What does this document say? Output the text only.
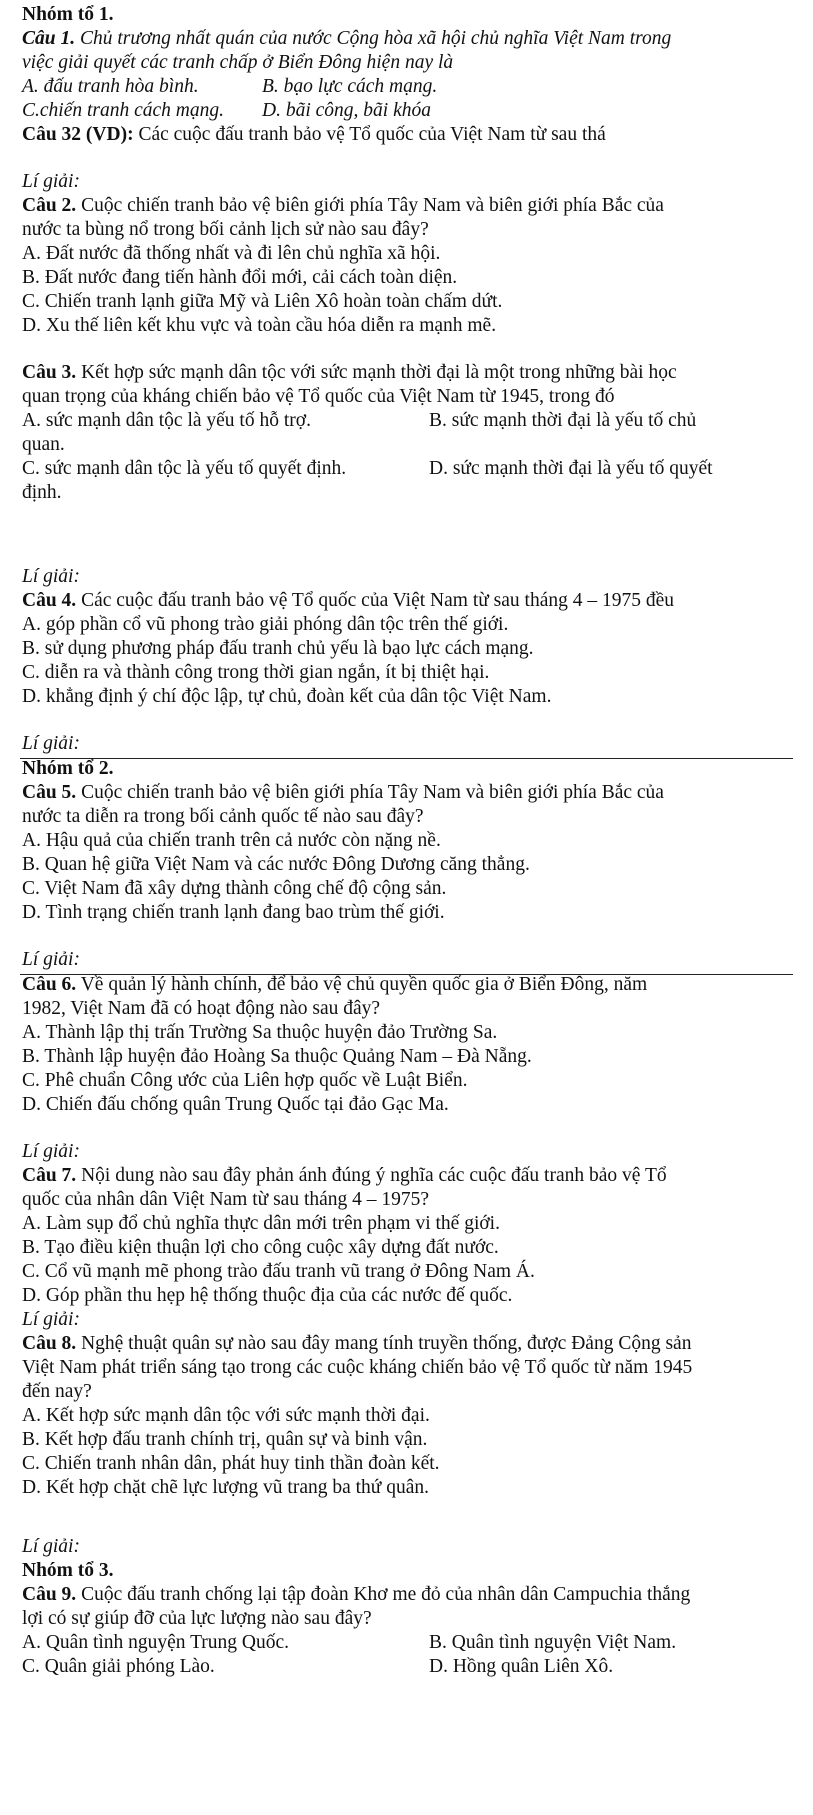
Nhóm tổ 1.
Câu 1. Chủ trương nhất quán của nước Cộng hòa xã hội chủ nghĩa Việt Nam trong
việc giải quyết các tranh chấp ở Biển Đông hiện nay là
A. đấu tranh hòa bình.	B. bạo lực cách mạng.
C.chiến tranh cách mạng. D. bãi công, bãi khóa
Câu 32 (VD): Các cuộc đấu tranh bảo vệ Tổ quốc của Việt Nam từ sau thá
Lí giải:
Câu 2. Cuộc chiến tranh bảo vệ biên giới phía Tây Nam và biên giới phía Bắc của
nước ta bùng nổ trong bối cảnh lịch sử nào sau đây?
A. Đất nước đã thống nhất và đi lên chủ nghĩa xã hội.
B. Đất nước đang tiến hành đổi mới, cải cách toàn diện.
C. Chiến tranh lạnh giữa Mỹ và Liên Xô hoàn toàn chấm dứt.
D. Xu thế liên kết khu vực và toàn cầu hóa diễn ra mạnh mẽ.
Câu 3. Kết hợp sức mạnh dân tộc với sức mạnh thời đại là một trong những bài học
quan trọng của kháng chiến bảo vệ Tổ quốc của Việt Nam từ 1945, trong đó
A. sức mạnh dân tộc là yếu tố hỗ trợ.	B. sức mạnh thời đại là yếu tố chủ
quan.
C. sức mạnh dân tộc là yếu tố quyết định.	D. sức mạnh thời đại là yếu tố quyết
định.
Lí giải:
Câu 4. Các cuộc đấu tranh bảo vệ Tổ quốc của Việt Nam từ sau tháng 4 – 1975 đều
A. góp phần cổ vũ phong trào giải phóng dân tộc trên thế giới.
B. sử dụng phương pháp đấu tranh chủ yếu là bạo lực cách mạng.
C. diễn ra và thành công trong thời gian ngắn, ít bị thiệt hại.
D. khẳng định ý chí độc lập, tự chủ, đoàn kết của dân tộc Việt Nam.
Lí giải:
Nhóm tổ 2.
Câu 5. Cuộc chiến tranh bảo vệ biên giới phía Tây Nam và biên giới phía Bắc của
nước ta diễn ra trong bối cảnh quốc tế nào sau đây?
A. Hậu quả của chiến tranh trên cả nước còn nặng nề.
B. Quan hệ giữa Việt Nam và các nước Đông Dương căng thẳng.
C. Việt Nam đã xây dựng thành công chế độ cộng sản.
D. Tình trạng chiến tranh lạnh đang bao trùm thế giới.
Lí giải:
Câu 6. Về quản lý hành chính, để bảo vệ chủ quyền quốc gia ở Biển Đông, năm
1982, Việt Nam đã có hoạt động nào sau đây?
A. Thành lập thị trấn Trường Sa thuộc huyện đảo Trường Sa.
B. Thành lập huyện đảo Hoàng Sa thuộc Quảng Nam – Đà Nẵng.
C. Phê chuẩn Công ước của Liên hợp quốc về Luật Biển.
D. Chiến đấu chống quân Trung Quốc tại đảo Gạc Ma.
Lí giải:
Câu 7. Nội dung nào sau đây phản ánh đúng ý nghĩa các cuộc đấu tranh bảo vệ Tổ
quốc của nhân dân Việt Nam từ sau tháng 4 – 1975?
A. Làm sụp đổ chủ nghĩa thực dân mới trên phạm vi thế giới.
B. Tạo điều kiện thuận lợi cho công cuộc xây dựng đất nước.
C. Cổ vũ mạnh mẽ phong trào đấu tranh vũ trang ở Đông Nam Á.
D. Góp phần thu hẹp hệ thống thuộc địa của các nước đế quốc.
Lí giải:
Câu 8. Nghệ thuật quân sự nào sau đây mang tính truyền thống, được Đảng Cộng sản
Việt Nam phát triển sáng tạo trong các cuộc kháng chiến bảo vệ Tổ quốc từ năm 1945
đến nay?
A. Kết hợp sức mạnh dân tộc với sức mạnh thời đại.
B. Kết hợp đấu tranh chính trị, quân sự và binh vận.
C. Chiến tranh nhân dân, phát huy tinh thần đoàn kết.
D. Kết hợp chặt chẽ lực lượng vũ trang ba thứ quân.
Lí giải:
Nhóm tổ 3.
Câu 9. Cuộc đấu tranh chống lại tập đoàn Khơ me đỏ của nhân dân Campuchia thắng
lợi có sự giúp đỡ của lực lượng nào sau đây?
A. Quân tình nguyện Trung Quốc.	B. Quân tình nguyện Việt Nam.
C. Quân giải phóng Lào.	D. Hồng quân Liên Xô.
